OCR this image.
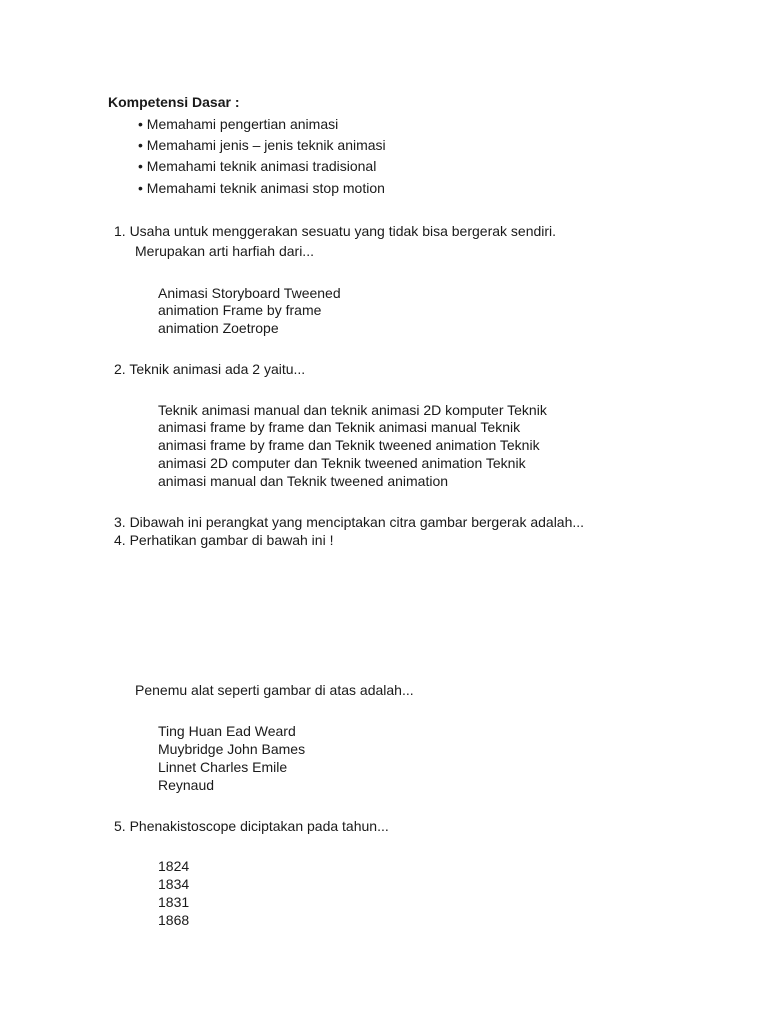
Kompetensi Dasar :
• Memahami pengertian animasi
• Memahami jenis – jenis teknik animasi
• Memahami teknik animasi tradisional
• Memahami teknik animasi stop motion
1. Usaha untuk menggerakan sesuatu yang tidak bisa bergerak sendiri.
Merupakan arti harfiah dari...
Animasi Storyboard Tweened
animation Frame by frame
animation Zoetrope
2. Teknik animasi ada 2 yaitu...
Teknik animasi manual dan teknik animasi 2D komputer Teknik
animasi frame by frame dan Teknik animasi manual Teknik
animasi frame by frame dan Teknik tweened animation Teknik
animasi 2D computer dan Teknik tweened animation Teknik
animasi manual dan Teknik tweened animation
3. Dibawah ini perangkat yang menciptakan citra gambar bergerak adalah...
4. Perhatikan gambar di bawah ini !
Penemu alat seperti gambar di atas adalah...
Ting Huan Ead Weard
Muybridge John Bames
Linnet Charles Emile
Reynaud
5. Phenakistoscope diciptakan pada tahun...
1824
1834
1831
1868
